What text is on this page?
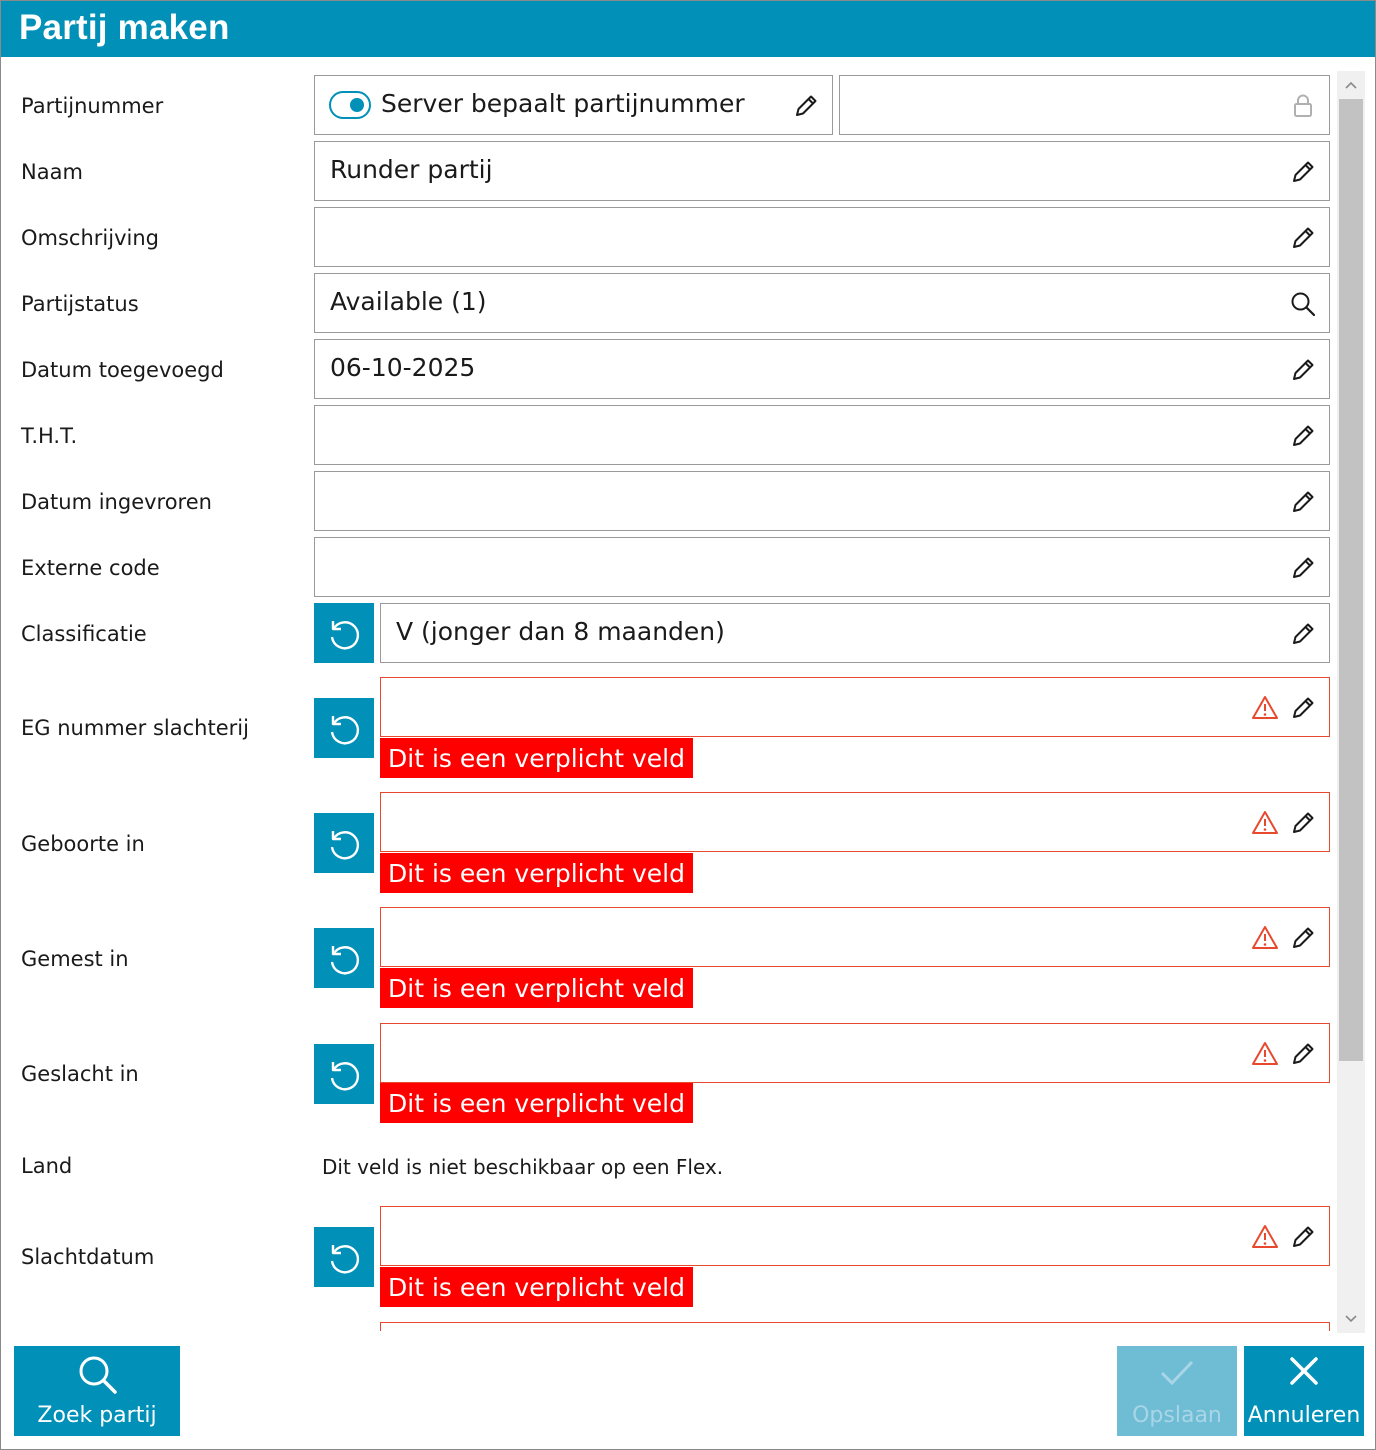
Partij maken
Partijnummer	Server bepaalt partijnummer
Naam	Runder partij
Omschrijving
Partijstatus	Available (1)
Datum toegevoegd	06-10-2025
T.H.T.
Datum ingevroren
Externe code
Classificatie	V (jonger dan 8 maanden)
EG nummer slachterij
Dit is een verplicht veld
Geboorte in
Dit is een verplicht veld
Gemest in
Dit is een verplicht veld
Geslacht in
Dit is een verplicht veld
Land	Dit veld is niet beschikbaar op een Flex.
Slachtdatum
Dit is een verplicht veld
Zoek partij	Opslaan	Annuleren
